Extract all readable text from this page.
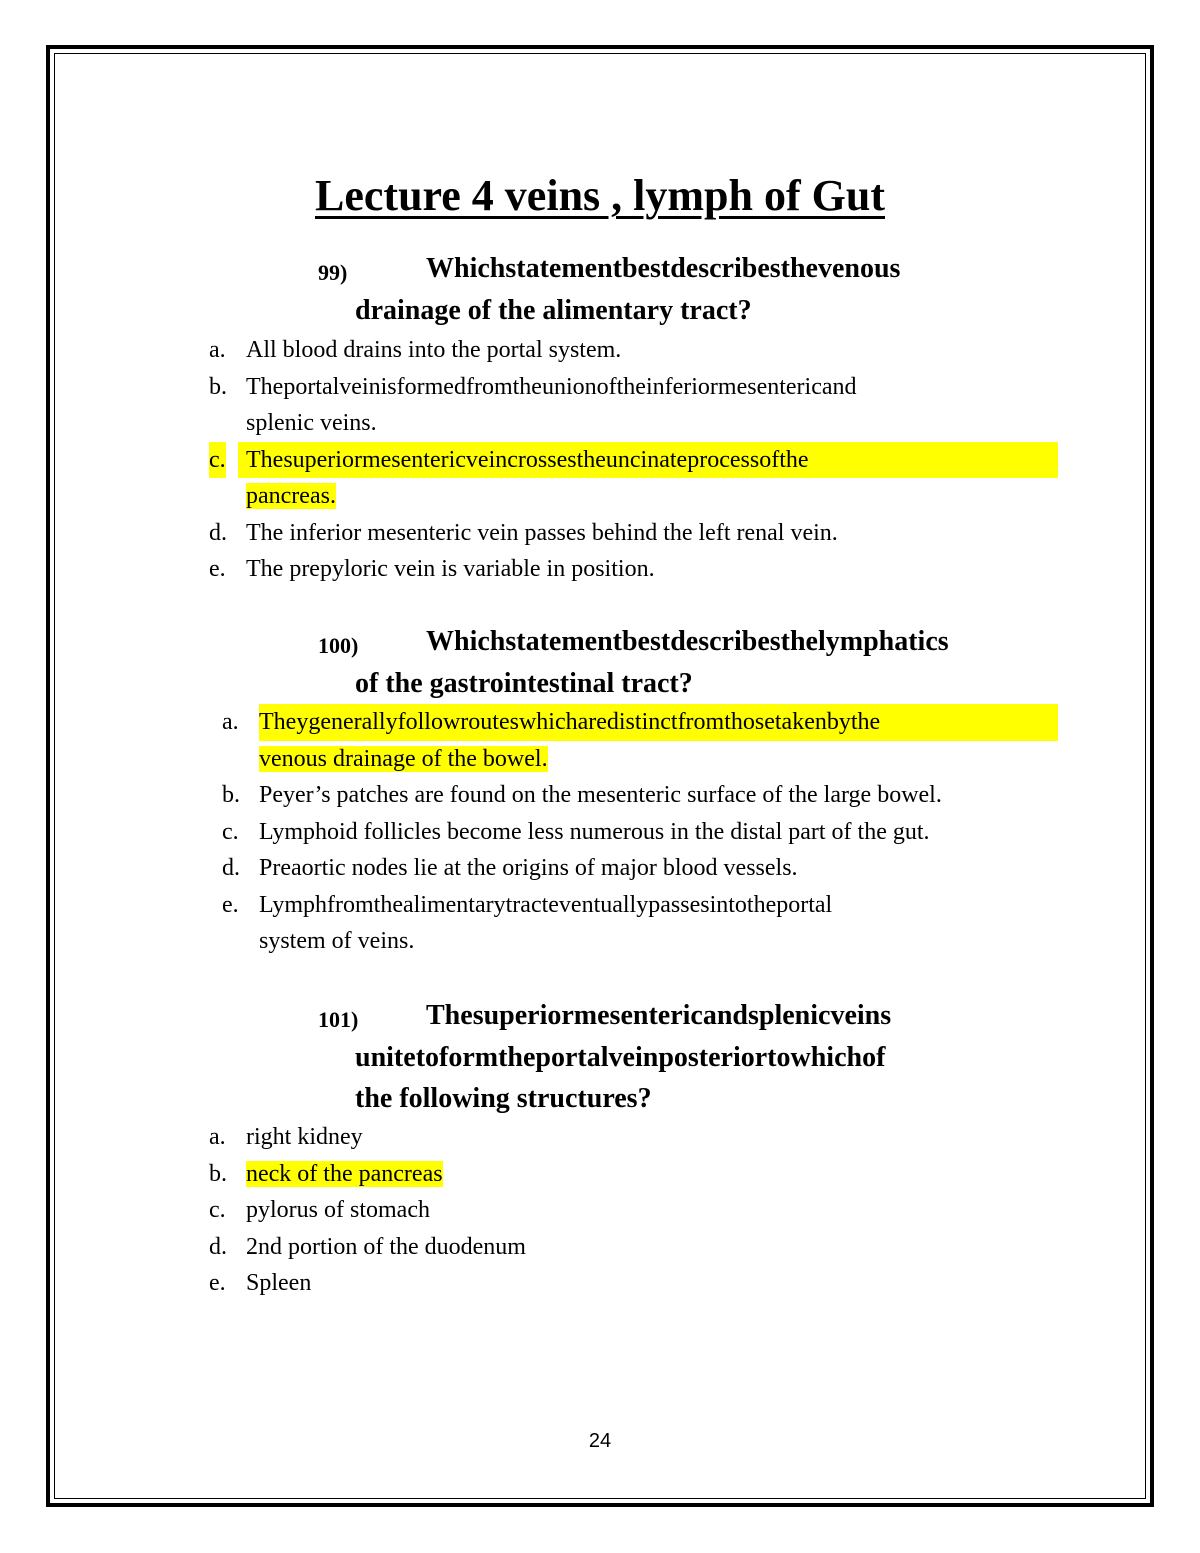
Lecture 4 veins , lymph of Gut
99)	Whichstatementbestdescribesthevenous
drainage of the alimentary tract?
a. All blood drains into the portal system.
b. Theportalveinisformedfromtheunionoftheinferiormesentericand
splenic veins.
c. Thesuperiormesentericveincrossestheuncinateprocessofthe
pancreas.
d. The inferior mesenteric vein passes behind the left renal vein.
e. The prepyloric vein is variable in position.
100)	Whichstatementbestdescribesthelymphatics
of the gastrointestinal tract?
a. Theygenerallyfollowrouteswhicharedistinctfromthosetakenbythe
venous drainage of the bowel.
b. Peyer’s patches are found on the mesenteric surface of the large bowel.
c. Lymphoid follicles become less numerous in the distal part of the gut.
d. Preaortic nodes lie at the origins of major blood vessels.
e. Lymphfromthealimentarytracteventuallypassesintotheportal
system of veins.
101)	Thesuperiormesentericandsplenicveins
unitetoformtheportalveinposteriortowhichof
the following structures?
a. right kidney
b. neck of the pancreas
c. pylorus of stomach
d. 2nd portion of the duodenum
e. Spleen
24
